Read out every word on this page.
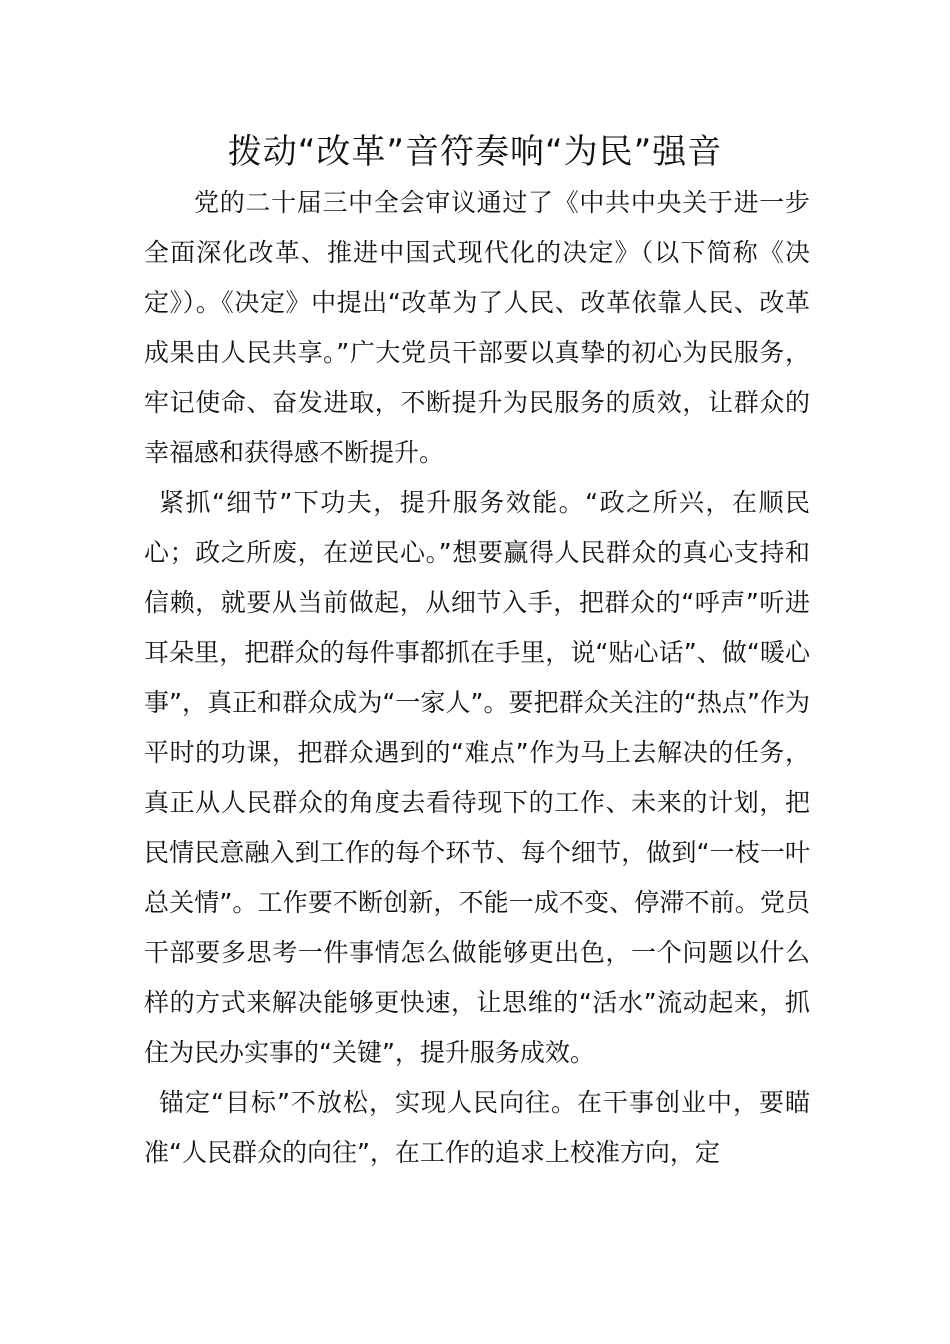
拨动“改革”音符奏响“为民”强音

党的二十届三中全会审议通过了《中共中央关于进一步全面深化改革、推进中国式现代化的决定》（以下简称《决定》）。《决定》中提出“改革为了人民、改革依靠人民、改革成果由人民共享。”广大党员干部要以真挚的初心为民服务，牢记使命、奋发进取，不断提升为民服务的质效，让群众的幸福感和获得感不断提升。

紧抓“细节”下功夫，提升服务效能。“政之所兴，在顺民心；政之所废，在逆民心。”想要赢得人民群众的真心支持和信赖，就要从当前做起，从细节入手，把群众的“呼声”听进耳朵里，把群众的每件事都抓在手里，说“贴心话”、做“暖心事”，真正和群众成为“一家人”。要把群众关注的“热点”作为平时的功课，把群众遇到的“难点”作为马上去解决的任务，真正从人民群众的角度去看待现下的工作、未来的计划，把民情民意融入到工作的每个环节、每个细节，做到“一枝一叶总关情”。工作要不断创新，不能一成不变、停滞不前。党员干部要多思考一件事情怎么做能够更出色，一个问题以什么样的方式来解决能够更快速，让思维的“活水”流动起来，抓住为民办实事的“关键”，提升服务成效。

锚定“目标”不放松，实现人民向往。在干事创业中，要瞄准“人民群众的向往”，在工作的追求上校准方向，定
